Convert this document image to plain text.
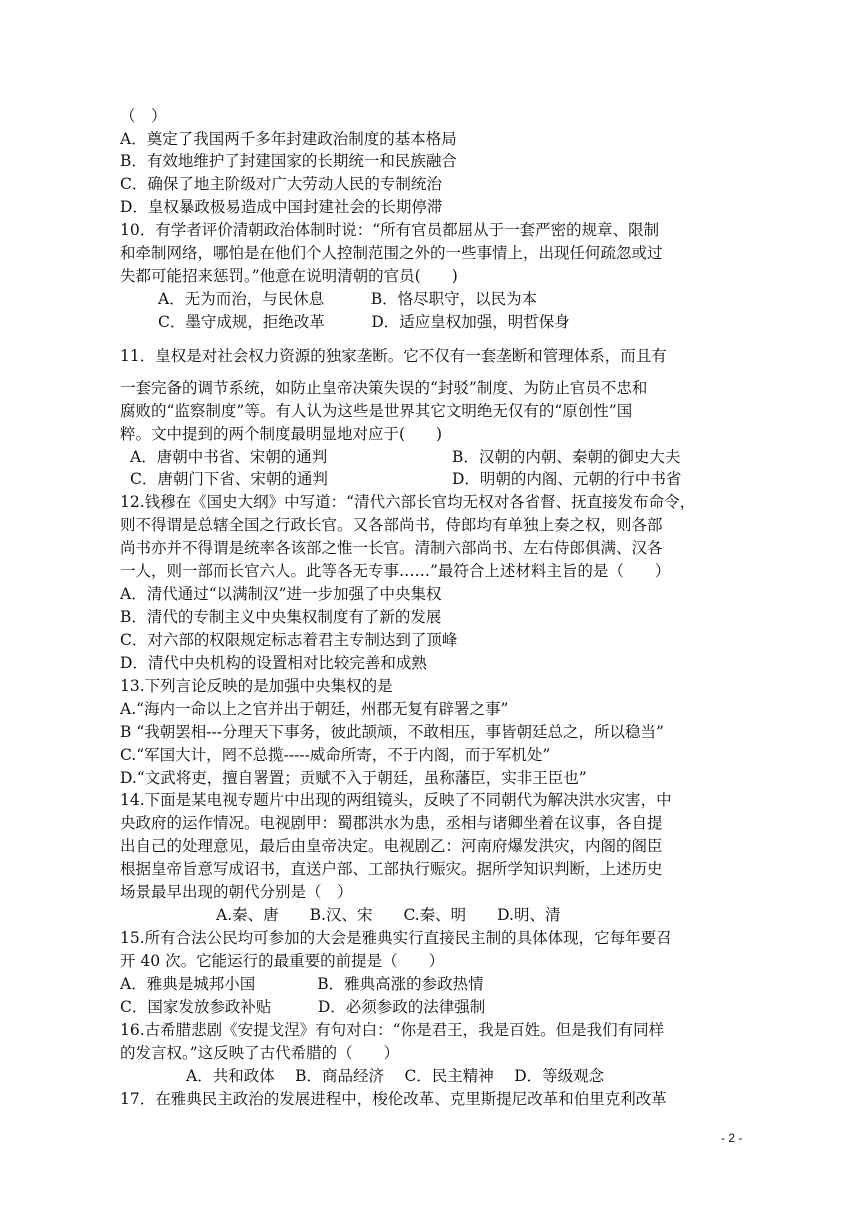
（　）
A．奠定了我国两千多年封建政治制度的基本格局
B．有效地维护了封建国家的长期统一和民族融合
C．确保了地主阶级对广大劳动人民的专制统治
D．皇权暴政极易造成中国封建社会的长期停滞
10．有学者评价清朝政治体制时说：“所有官员都屈从于一套严密的规章、限制
和牵制网络，哪怕是在他们个人控制范围之外的一些事情上，出现任何疏忽或过
失都可能招来惩罚。”他意在说明清朝的官员(　　)
A．无为而治，与民休息　　　B．恪尽职守，以民为本
C．墨守成规，拒绝改革　　　D．适应皇权加强，明哲保身
11．皇权是对社会权力资源的独家垄断。它不仅有一套垄断和管理体系，而且有
一套完备的调节系统，如防止皇帝决策失误的“封驳”制度、为防止官员不忠和
腐败的“监察制度”等。有人认为这些是世界其它文明绝无仅有的“原创性”国
粹。文中提到的两个制度最明显地对应于(　　)
A．唐朝中书省、宋朝的通判	B．汉朝的内朝、秦朝的御史大夫
C．唐朝门下省、宋朝的通判	D．明朝的内阁、元朝的行中书省
12.钱穆在《国史大纲》中写道：“清代六部长官均无权对各省督、抚直接发布命令，
则不得谓是总辖全国之行政长官。又各部尚书，侍郎均有单独上奏之权，则各部
尚书亦并不得谓是统率各该部之惟一长官。清制六部尚书、左右侍郎俱满、汉各
一人，则一部而长官六人。此等各无专事……”最符合上述材料主旨的是（　　）
A．清代通过“以满制汉”进一步加强了中央集权
B．清代的专制主义中央集权制度有了新的发展
C．对六部的权限规定标志着君主专制达到了顶峰
D．清代中央机构的设置相对比较完善和成熟
13.下列言论反映的是加强中央集权的是
A.“海内一命以上之官并出于朝廷，州郡无复有辟署之事”
B “我朝罢相---分理天下事务，彼此颉颃，不敢相压，事皆朝廷总之，所以稳当”
C.“军国大计，罔不总揽-----威命所寄，不于内阁，而于军机处”
D.“文武将吏，擅自署置；贡赋不入于朝廷，虽称藩臣，实非王臣也”
14.下面是某电视专题片中出现的两组镜头，反映了不同朝代为解决洪水灾害，中
央政府的运作情况。电视剧甲：蜀郡洪水为患，丞相与诸卿坐着在议事，各自提
出自己的处理意见，最后由皇帝决定。电视剧乙：河南府爆发洪灾，内阁的阁臣
根据皇帝旨意写成诏书，直送户部、工部执行赈灾。据所学知识判断，上述历史
场景最早出现的朝代分别是（　）
A.秦、唐　　B.汉、宋　　C.秦、明　　D.明、清
15.所有合法公民均可参加的大会是雅典实行直接民主制的具体体现，它每年要召
开 40 次。它能运行的最重要的前提是（　　）
A．雅典是城邦小国　　　　B．雅典高涨的参政热情
C．国家发放参政补贴　　　D．必须参政的法律强制
16.古希腊悲剧《安提戈涅》有句对白：“你是君王，我是百姓。但是我们有同样
的发言权。”这反映了古代希腊的（　　）
A．共和政体　 B．商品经济　 C．民主精神　 D．等级观念
17．在雅典民主政治的发展进程中，梭伦改革、克里斯提尼改革和伯里克利改革
- 2 -
